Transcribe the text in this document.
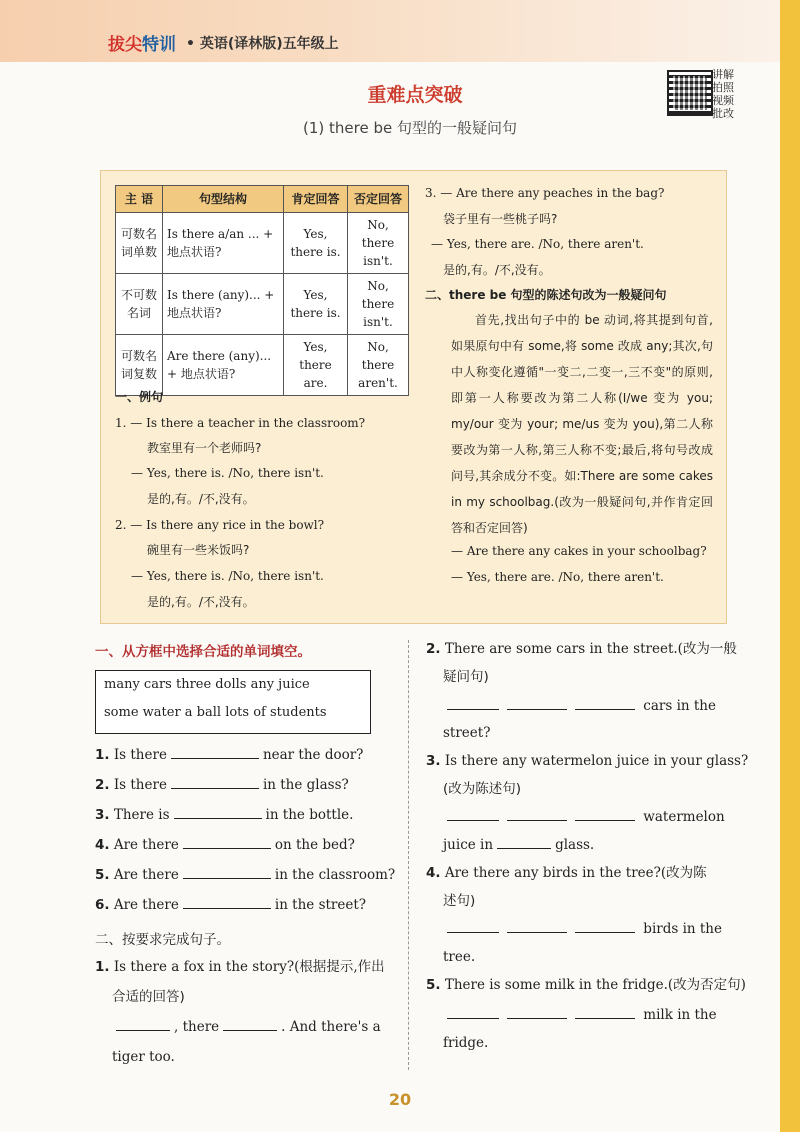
拔尖特训 • 英语(译林版)五年级上
重难点突破
(1) there be 句型的一般疑问句
讲解拍照视频批改
主 语	句型结构	肯定回答	否定回答
可数名词单数	Is there a/an ... + 地点状语?	Yes, there is.	No, there isn't.
不可数名词	Is there (any)... + 地点状语?	Yes, there is.	No, there isn't.
可数名词复数	Are there (any)... + 地点状语?	Yes, there are.	No, there aren't.
一、例句
1. — Is there a teacher in the classroom?
教室里有一个老师吗?
— Yes, there is. /No, there isn't.
是的,有。/不,没有。
2. — Is there any rice in the bowl?
碗里有一些米饭吗?
— Yes, there is. /No, there isn't.
是的,有。/不,没有。
3. — Are there any peaches in the bag?
袋子里有一些桃子吗?
— Yes, there are. /No, there aren't.
是的,有。/不,没有。
二、there be 句型的陈述句改为一般疑问句
首先,找出句子中的 be 动词,将其提到句首,如果原句中有 some,将 some 改成 any;其次,句中人称变化遵循"一变二,二变一,三不变"的原则,即第一人称要改为第二人称(I/we 变为 you; my/our 变为 your; me/us 变为 you),第二人称要改为第一人称,第三人称不变;最后,将句号改成问号,其余成分不变。如:There are some cakes in my schoolbag.(改为一般疑问句,并作肯定回答和否定回答)
— Are there any cakes in your schoolbag?
— Yes, there are. /No, there aren't.
一、从方框中选择合适的单词填空。
many cars three dolls any juice
some water a ball lots of students
1. Is there	near the door?
2. Is there	in the glass?
3. There is	in the bottle.
4. Are there	on the bed?
5. Are there	in the classroom?
6. Are there	in the street?
二、按要求完成句子。
1. Is there a fox in the story?(根据提示,作出
合适的回答)
, there	. And there's a
tiger too.
2. There are some cars in the street.(改为一般
疑问句)
cars in the
street?
3. Is there any watermelon juice in your glass?
(改为陈述句)
watermelon
juice in	glass.
4. Are there any birds in the tree?(改为陈
述句)
birds in the
tree.
5. There is some milk in the fridge.(改为否定句)
milk in the
fridge.
20
